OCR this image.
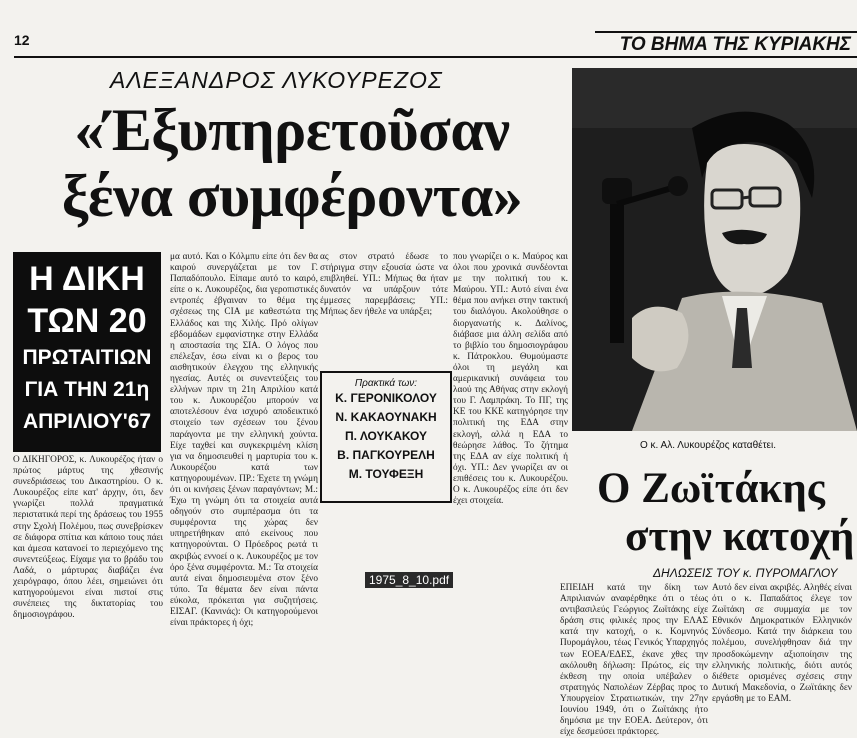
12	ΤΟ ΒΗΜΑ ΤΗΣ ΚΥΡΙΑΚΗΣ
ΑΛΕΞΑΝΔΡΟΣ ΛΥΚΟΥΡΕΖΟΣ
«Έξυπηρετοῦσαν
ξένα συμφέροντα»
Η ΔΙΚΗ
ΤΩΝ 20
ΠΡΩΤΑΙΤΙΩΝ
ΓΙΑ ΤΗΝ 21η
ΑΠΡΙΛΙΟΥ'67
Ο ΔΙΚΗΓΟΡΟΣ, κ. Λυκουρέζος ήταν ο πρώτος μάρτυς της χθεσινής συνεδριάσεως του Δικαστηρίου. Ο κ. Λυκουρέζος είπε κατ' άρχην, ότι, δεν γνωρίζει πολλά πραγματικά περιστατικά περί της δράσεως του 1955 στην Σχολή Πολέμου, πως συνεβρίσκεν σε διάφορα σπίτια και κάποιο τους πάει και άμεσα κατανοεί το περιεχόμενο της συνεντεύξεως. Είχαμε για το βράδυ του Λαδά, ο μάρτυρας διαβάζει ένα χειρόγραφο, όπου λέει, σημειώνει ότι κατηγορούμενοι είναι πιστοί στις συνέπειες της δικτατορίας του δημοσιογράφου.
μα αυτό. Και ο Κόλμπυ είπε ότι δεν θα καιρού συνεργάζεται με τον Γ. Παπαδόπουλο. Είπαμε αυτό το καιρό, είπε ο κ. Λυκουρέζος, δια γεροπιστικές εντροπές έβγαιναν το θέμα της σχέσεως της CIA με καθεστώτα της Ελλάδος και της Χιλής. Πρό ολίγων εβδομάδων εμφανίστηκε στην Ελλάδα η αποστασία της ΣΙΑ. Ο λόγος που επέλεξαν, έσω είναι κι ο βερος του αισθητικούν έλεγχου της ελληνικής ηγεσίας. Αυτές οι συνεντεύξεις του ελλήνων πριν τη 21η Απριλίου κατά του κ. Λυκουρέζου μπορούν να αποτελέσουν ένα ισχυρό αποδεικτικό στοιχείο των σχέσεων του ξένου παράγοντα με την ελληνική χούντα. Είχε ταχθεί και συγκεκριμένη κλίση για να δημοσιευθεί η μαρτυρία του κ. Λυκουρέζου κατά των κατηγορουμένων. ΠΡ.: Έχετε τη γνώμη ότι οι κινήσεις ξένων παραγόντων; Μ.: Έχω τη γνώμη ότι τα στοιχεία αυτά οδηγούν στο συμπέρασμα ότι τα συμφέροντα της χώρας δεν υπηρετήθηκαν από εκείνους που κατηγορούνται. Ο Πρόεδρος ρωτά τι ακριβώς εννοεί ο κ. Λυκουρέζος με τον όρο ξένα συμφέροντα. Μ.: Τα στοιχεία αυτά είναι δημοσιευμένα στον ξένο τύπο. Τα θέματα δεν είναι πάντα εύκολα, πρόκειται για συζητήσεις. ΕΙΣΑΓ. (Κανινάς): Οι κατηγορούμενοι είναι πράκτορες ή όχι;
ας στον στρατό έδωσε το στήριγμα στην εξουσία ώστε να επιβληθεί. ΥΠ.: Μήπως θα ήταν δυνατόν να υπάρξουν τότε έμμεσες παρεμβάσεις; ΥΠ.: Μήπως δεν ήθελε να υπάρξει;
που γνωρίζει ο κ. Μαύρος και όλοι που χρονικά συνδέονται με την πολιτική του κ. Μαύρου. ΥΠ.: Αυτό είναι ένα θέμα που ανήκει στην τακτική του διαλόγου. Ακολούθησε ο διοργανωτής κ. Δαλίνος, διάβασε μια άλλη σελίδα από το βιβλίο του δημοσιογράφου κ. Πάτροκλου. Θυμούμαστε όλοι τη μεγάλη και αμερικανική συνάφεια του λαού της Αθήνας στην εκλογή του Γ. Λαμπράκη. Το ΠΓ, της ΚΕ του ΚΚΕ κατηγόρησε την πολιτική της ΕΔΑ στην εκλογή, αλλά η ΕΔΑ το θεώρησε λάθος. Το ζήτημα της ΕΔΑ αν είχε πολιτική ή όχι. ΥΠ.: Δεν γνωρίζει αν οι επιθέσεις του κ. Λυκουρέζου. Ο κ. Λυκουρέζος είπε ότι δεν έχει στοιχεία.
Πρακτικά των:
Κ. ΓΕΡΟΝΙΚΟΛΟΥ
Ν. ΚΑΚΑΟΥΝΑΚΗ
Π. ΛΟΥΚΑΚΟΥ
Β. ΠΑΓΚΟΥΡΕΛΗ
Μ. ΤΟΥΦΕΞΗ
Ο κ. Αλ. Λυκουρέζος καταθέτει.
Ο Ζωϊτάκης
στην κατοχή
ΔΗΛΩΣΕΙΣ ΤΟΥ κ. ΠΥΡΟΜΑΓΛΟΥ
ΕΠΕΙΔΗ κατά την δίκη των Απριλιανών αναφέρθηκε ότι ο τέως αντιβασιλεύς Γεώργιος Ζωϊτάκης είχε δράση στις φιλικές προς την ΕΛΑΣ κατά την κατοχή, ο κ. Κομνηνός Πυρομάγλου, τέως Γενικός Υπαρχηγός των ΕΟΕΑ/ΕΔΕΣ, έκανε χθες την ακόλουθη δήλωση: Πρώτος, είς την έκθεση την οποία υπέβαλεν ο στρατηγός Ναπολέων Ζέρβας προς το Υπουργείον Στρατιωτικών, την 27ην Ιουνίου 1949, ότι ο Ζωϊτάκης ήτο δημόσια με την ΕΟΕΑ. Δεύτερον, ότι είχε δεσμεύσει πράκτορες.
Αυτό δεν είναι ακριβές. Αληθές είναι ότι ο κ. Παπαδάτος έλεγε τον Ζωϊτάκη σε συμμαχία με τον Εθνικόν Δημοκρατικόν Ελληνικόν Σύνδεσμο. Κατά την διάρκεια του πολέμου, συνελήφθησαν διά την προσδοκώμενην αξιοποίησιν της ελληνικής πολιτικής, διότι αυτός διέθετε ορισμένες σχέσεις στην Δυτική Μακεδονία, ο Ζωϊτάκης δεν εργάσθη με το ΕΑΜ.
1975_8_10.pdf
